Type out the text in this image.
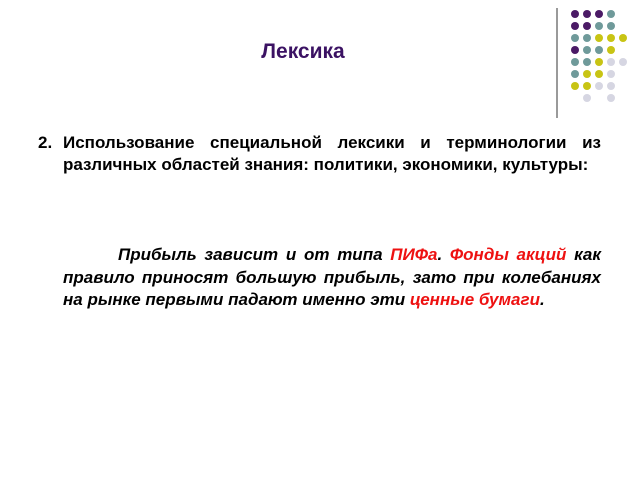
Лексика
2. Использование специальной лексики и терминологии из различных областей знания: политики, экономики, культуры:
Прибыль зависит и от типа ПИФа. Фонды акций как правило приносят большую прибыль, зато при колебаниях на рынке первыми падают именно эти ценные бумаги.
